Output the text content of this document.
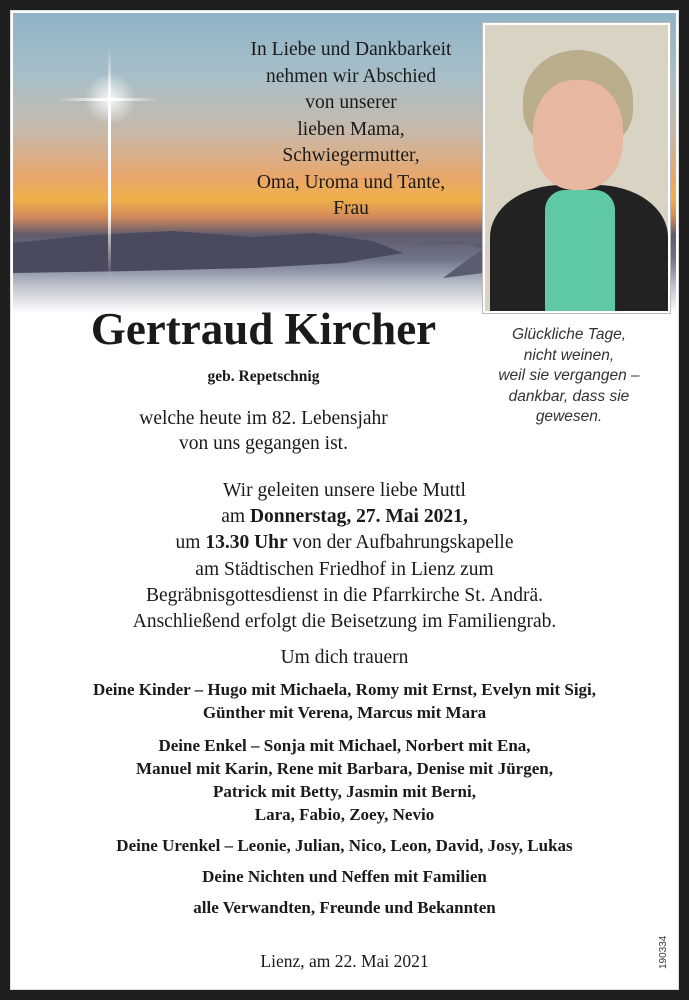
In Liebe und Dankbarkeit
nehmen wir Abschied
von unserer
lieben Mama,
Schwiegermutter,
Oma, Uroma und Tante,
Frau
Gertraud Kircher
geb. Repetschnig
welche heute im 82. Lebensjahr
von uns gegangen ist.
Glückliche Tage,
nicht weinen,
weil sie vergangen –
dankbar, dass sie
gewesen.
Wir geleiten unsere liebe Muttl
am Donnerstag, 27. Mai 2021,
um 13.30 Uhr von der Aufbahrungskapelle
am Städtischen Friedhof in Lienz zum
Begräbnisgottesdienst in die Pfarrkirche St. Andrä.
Anschließend erfolgt die Beisetzung im Familiengrab.
Um dich trauern
Deine Kinder – Hugo mit Michaela, Romy mit Ernst, Evelyn mit Sigi,
Günther mit Verena, Marcus mit Mara
Deine Enkel – Sonja mit Michael, Norbert mit Ena,
Manuel mit Karin, Rene mit Barbara, Denise mit Jürgen,
Patrick mit Betty, Jasmin mit Berni,
Lara, Fabio, Zoey, Nevio
Deine Urenkel – Leonie, Julian, Nico, Leon, David, Josy, Lukas
Deine Nichten und Neffen mit Familien
alle Verwandten, Freunde und Bekannten
Lienz, am 22. Mai 2021	190334
